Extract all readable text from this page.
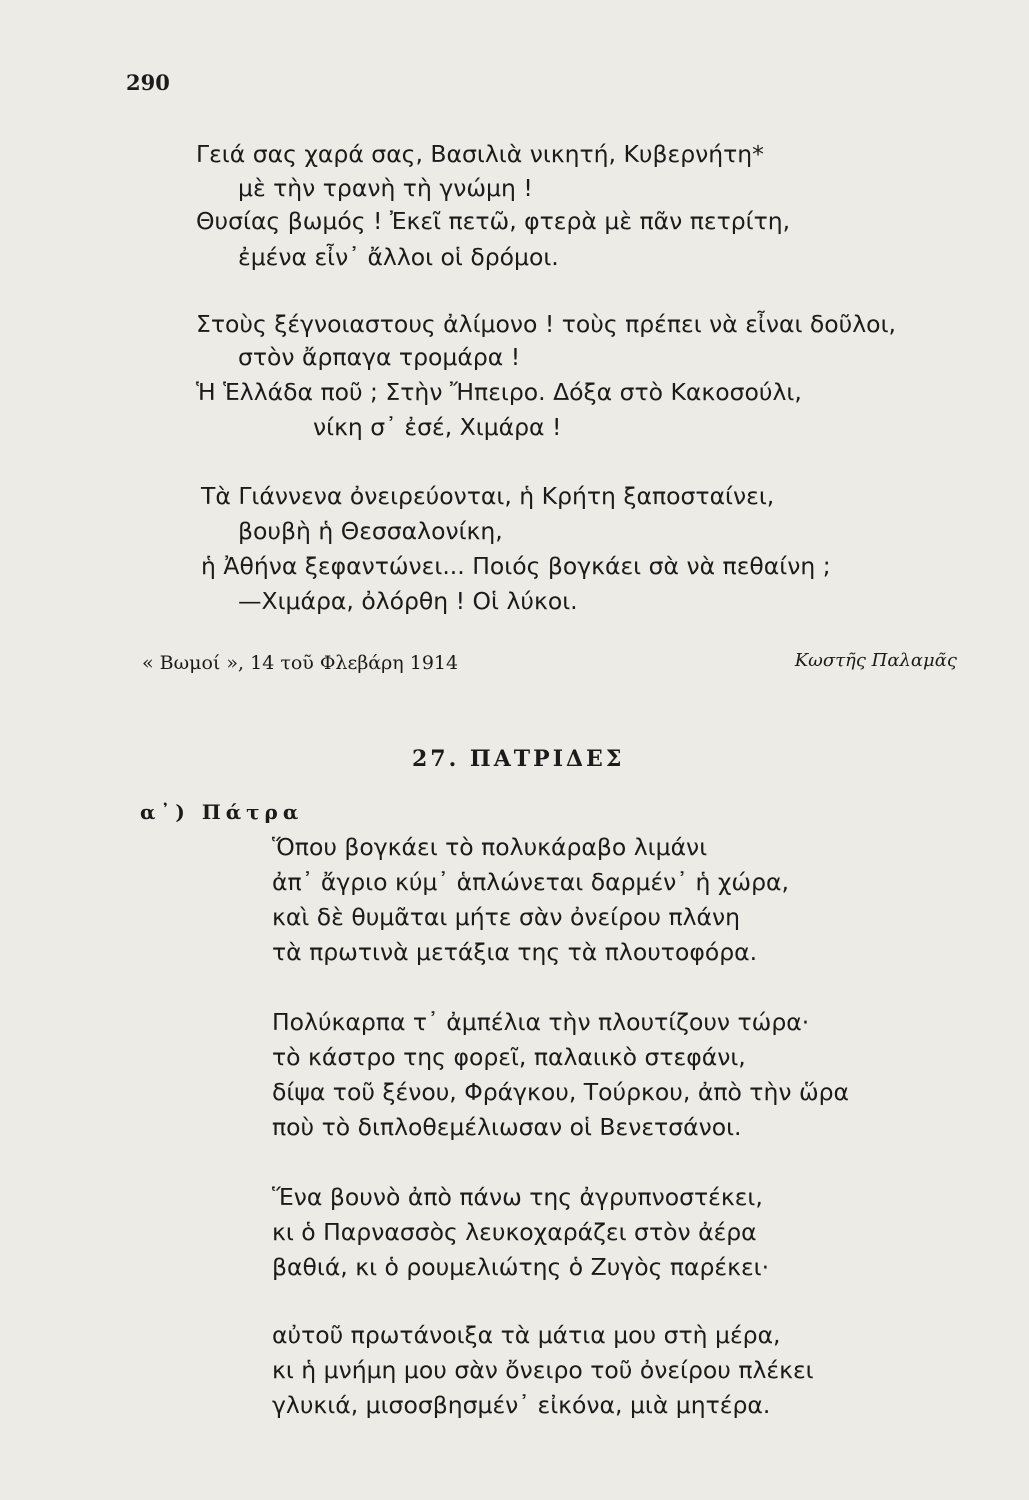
290
Γειά σας χαρά σας, Βασιλιὰ νικητή, Κυβερνήτη*
μὲ τὴν τρανὴ τὴ γνώμη !
Θυσίας βωμός ! Ἐκεῖ πετῶ, φτερὰ μὲ πᾶν πετρίτη,
ἐμένα εἶν᾽ ἄλλοι οἱ δρόμοι.
Στοὺς ξέγνοιαστους ἀλίμονο ! τοὺς πρέπει νὰ εἶναι δοῦλοι,
στὸν ἄρπαγα τρομάρα !
Ἡ Ἑλλάδα ποῦ ; Στὴν Ἤπειρο. Δόξα στὸ Κακοσούλι,
νίκη σ᾽ ἐσέ, Χιμάρα !
Τὰ Γιάννενα ὀνειρεύονται, ἡ Κρήτη ξαποσταίνει,
βουβὴ ἡ Θεσσαλονίκη,
ἡ Ἀθήνα ξεφαντώνει... Ποιός βογκάει σὰ νὰ πεθαίνη ;
—Χιμάρα, ὀλόρθη ! Οἱ λύκοι.
« Βωμοί », 14 τοῦ Φλεβάρη 1914	Κωστῆς Παλαμᾶς
27. ΠΑΤΡΙΔΕΣ
α᾽) Πάτρα
Ὅπου βογκάει τὸ πολυκάραβο λιμάνι
ἀπ᾽ ἄγριο κύμ᾽ ἁπλώνεται δαρμέν᾽ ἡ χώρα,
καὶ δὲ θυμᾶται μήτε σὰν ὀνείρου πλάνη
τὰ πρωτινὰ μετάξια της τὰ πλουτοφόρα.
Πολύκαρπα τ᾽ ἀμπέλια τὴν πλουτίζουν τώρα·
τὸ κάστρο της φορεῖ, παλαιικὸ στεφάνι,
δίψα τοῦ ξένου, Φράγκου, Τούρκου, ἀπὸ τὴν ὥρα
ποὺ τὸ διπλοθεμέλιωσαν οἱ Βενετσάνοι.
Ἕνα βουνὸ ἀπὸ πάνω της ἀγρυπνοστέκει,
κι ὁ Παρνασσὸς λευκοχαράζει στὸν ἀέρα
βαθιά, κι ὁ ρουμελιώτης ὁ Ζυγὸς παρέκει·
αὐτοῦ πρωτάνοιξα τὰ μάτια μου στὴ μέρα,
κι ἡ μνήμη μου σὰν ὄνειρο τοῦ ὀνείρου πλέκει
γλυκιά, μισοσβησμέν᾽ εἰκόνα, μιὰ μητέρα.
